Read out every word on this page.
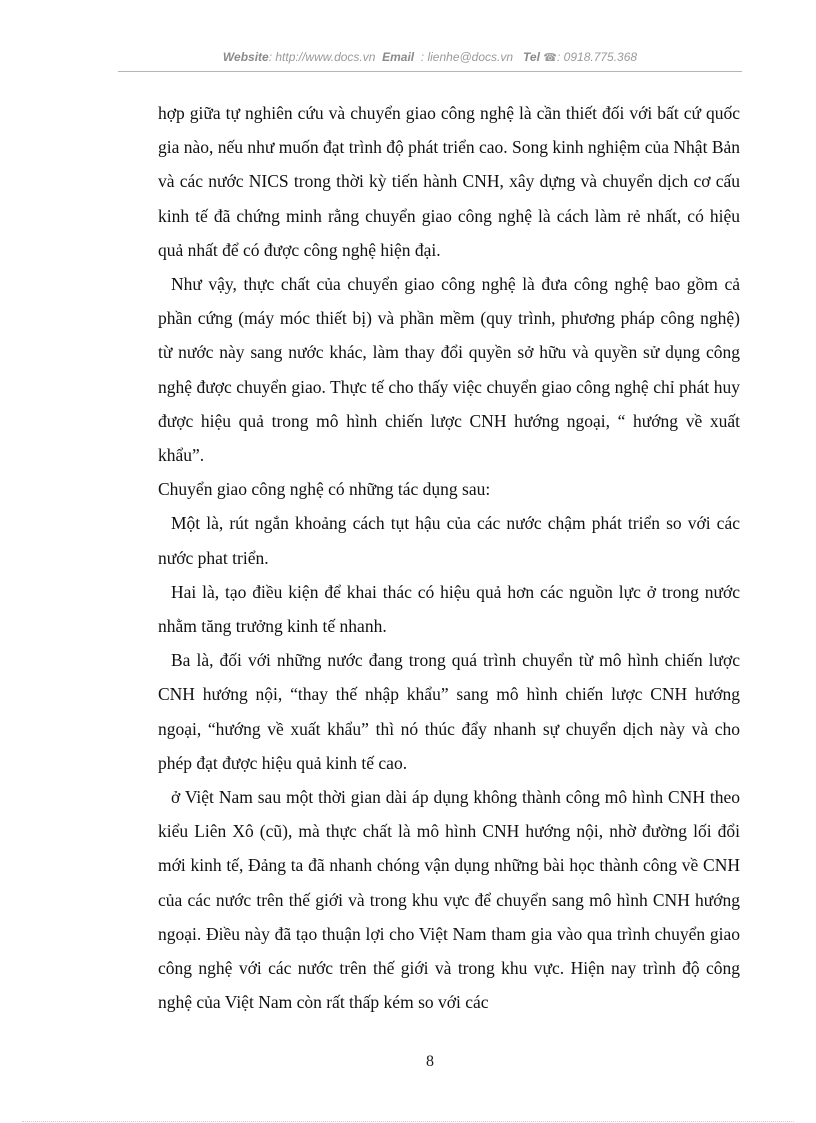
Website: http://www.docs.vn Email : lienhe@docs.vn Tel ☎: 0918.775.368

hợp giữa tự nghiên cứu và chuyển giao công nghệ là cần thiết đối với bất cứ quốc gia nào, nếu như muốn đạt trình độ phát triển cao. Song kinh nghiệm của Nhật Bản và các nước NICS trong thời kỳ tiến hành CNH, xây dựng và chuyển dịch cơ cấu kinh tế đã chứng minh rằng chuyển giao công nghệ là cách làm rẻ nhất, có hiệu quả nhất để có được công nghệ hiện đại.

Như vậy, thực chất của chuyển giao công nghệ là đưa công nghệ bao gồm cả phần cứng (máy móc thiết bị) và phần mềm (quy trình, phương pháp công nghệ) từ nước này sang nước khác, làm thay đổi quyền sở hữu và quyền sử dụng công nghệ được chuyển giao. Thực tế cho thấy việc chuyển giao công nghệ chỉ phát huy được hiệu quả trong mô hình chiến lược CNH hướng ngoại, “ hướng về xuất khẩu”.

Chuyển giao công nghệ có những tác dụng sau:

Một là, rút ngắn khoảng cách tụt hậu của các nước chậm phát triển so với các nước phat triển.

Hai là, tạo điều kiện để khai thác có hiệu quả hơn các nguồn lực ở trong nước nhằm tăng trưởng kinh tế nhanh.

Ba là, đối với những nước đang trong quá trình chuyển từ mô hình chiến lược CNH hướng nội, “thay thế nhập khẩu” sang mô hình chiến lược CNH hướng ngoại, “hướng về xuất khẩu” thì nó thúc đẩy nhanh sự chuyển dịch này và cho phép đạt được hiệu quả kinh tế cao.

ở Việt Nam sau một thời gian dài áp dụng không thành công mô hình CNH theo kiểu Liên Xô (cũ), mà thực chất là mô hình CNH hướng nội, nhờ đường lối đổi mới kinh tế, Đảng ta đã nhanh chóng vận dụng những bài học thành công về CNH của các nước trên thế giới và trong khu vực để chuyển sang mô hình CNH hướng ngoại. Điều này đã tạo thuận lợi cho Việt Nam tham gia vào qua trình chuyển giao công nghệ với các nước trên thế giới và trong khu vực. Hiện nay trình độ công nghệ của Việt Nam còn rất thấp kém so với các

8
